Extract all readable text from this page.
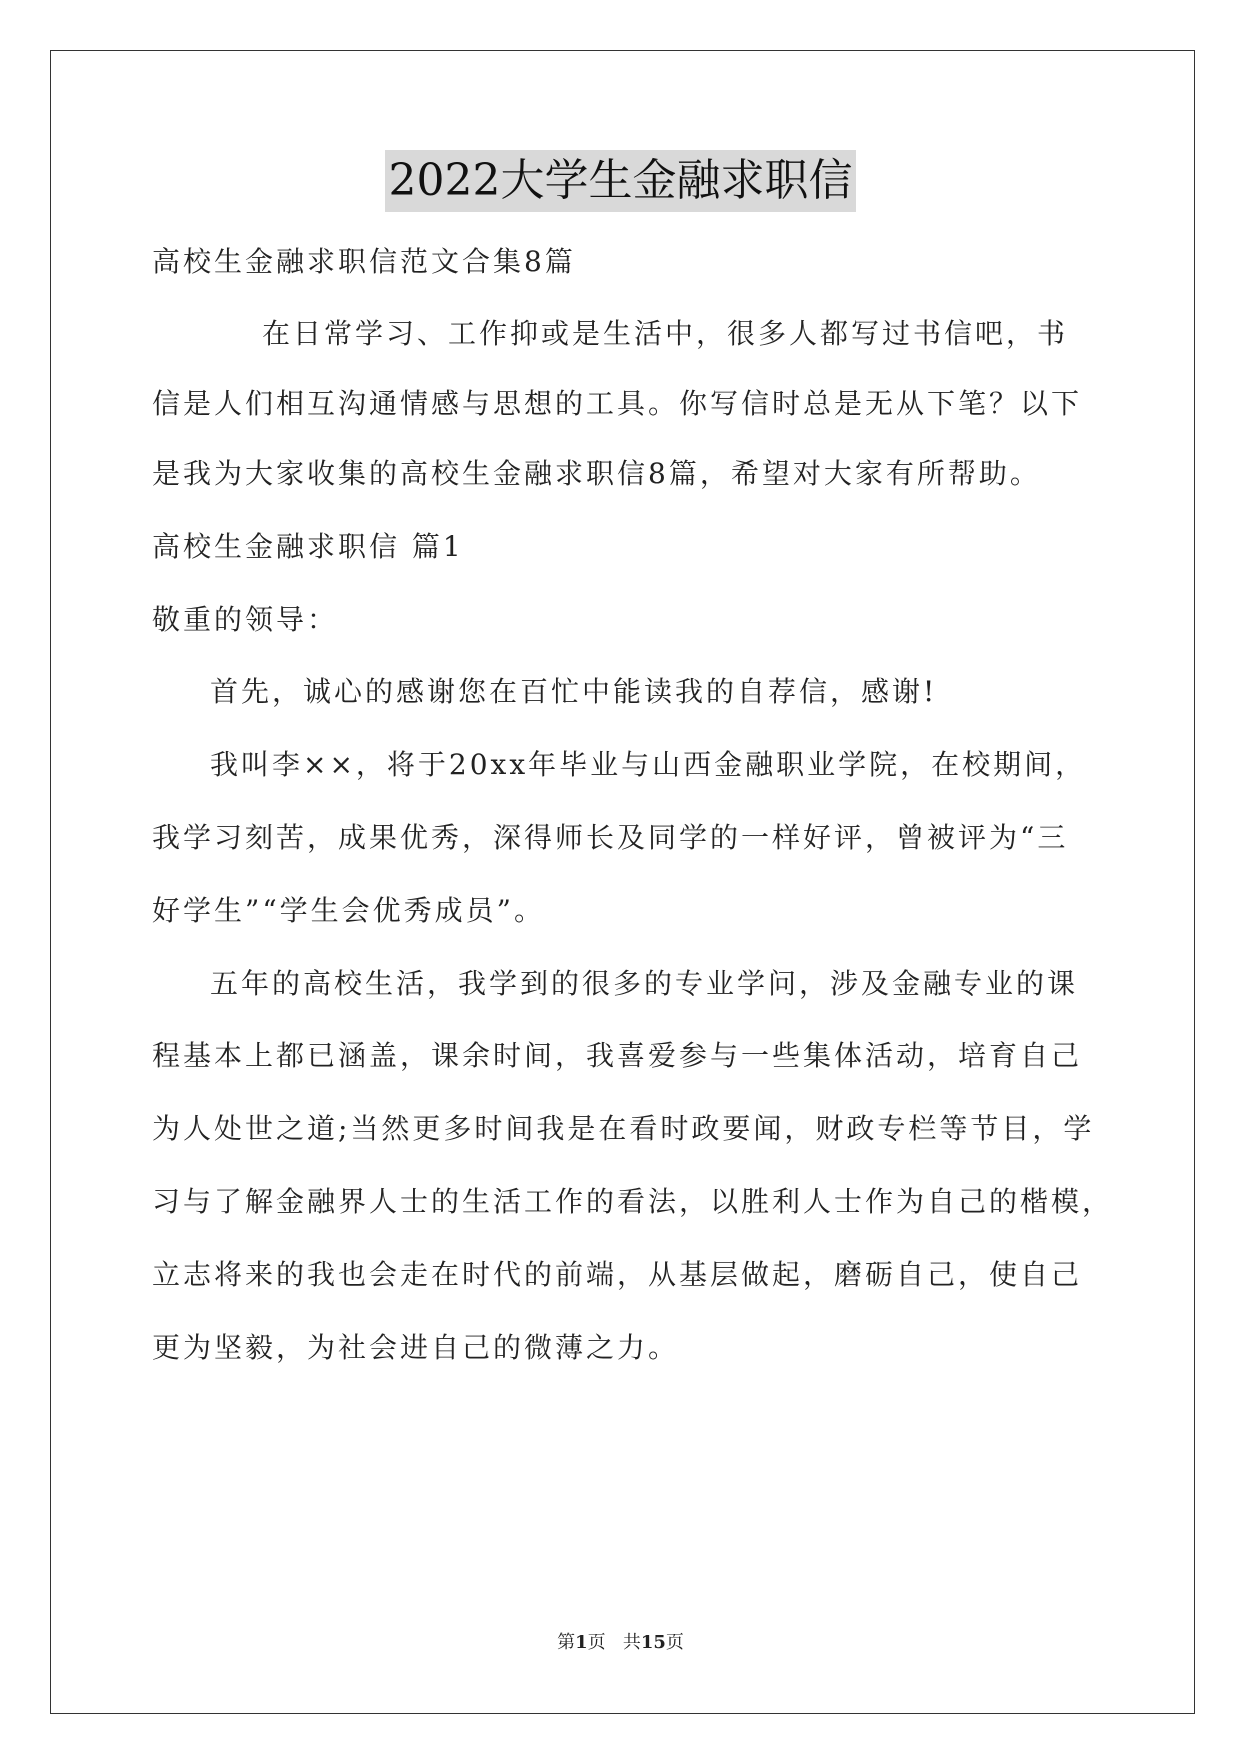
2022大学生金融求职信
高校生金融求职信范文合集8篇
在日常学习、工作抑或是生活中，很多人都写过书信吧，书
信是人们相互沟通情感与思想的工具。你写信时总是无从下笔？以下
是我为大家收集的高校生金融求职信8篇，希望对大家有所帮助。
高校生金融求职信 篇1
敬重的领导：
首先，诚心的感谢您在百忙中能读我的自荐信，感谢!
我叫李××，将于20xx年毕业与山西金融职业学院，在校期间，
我学习刻苦，成果优秀，深得师长及同学的一样好评，曾被评为“三
好学生”“学生会优秀成员”。
五年的高校生活，我学到的很多的专业学问，涉及金融专业的课
程基本上都已涵盖，课余时间，我喜爱参与一些集体活动，培育自己
为人处世之道;当然更多时间我是在看时政要闻，财政专栏等节目，学
习与了解金融界人士的生活工作的看法，以胜利人士作为自己的楷模，
立志将来的我也会走在时代的前端，从基层做起，磨砺自己，使自己
更为坚毅，为社会进自己的微薄之力。
第1页 共15页
